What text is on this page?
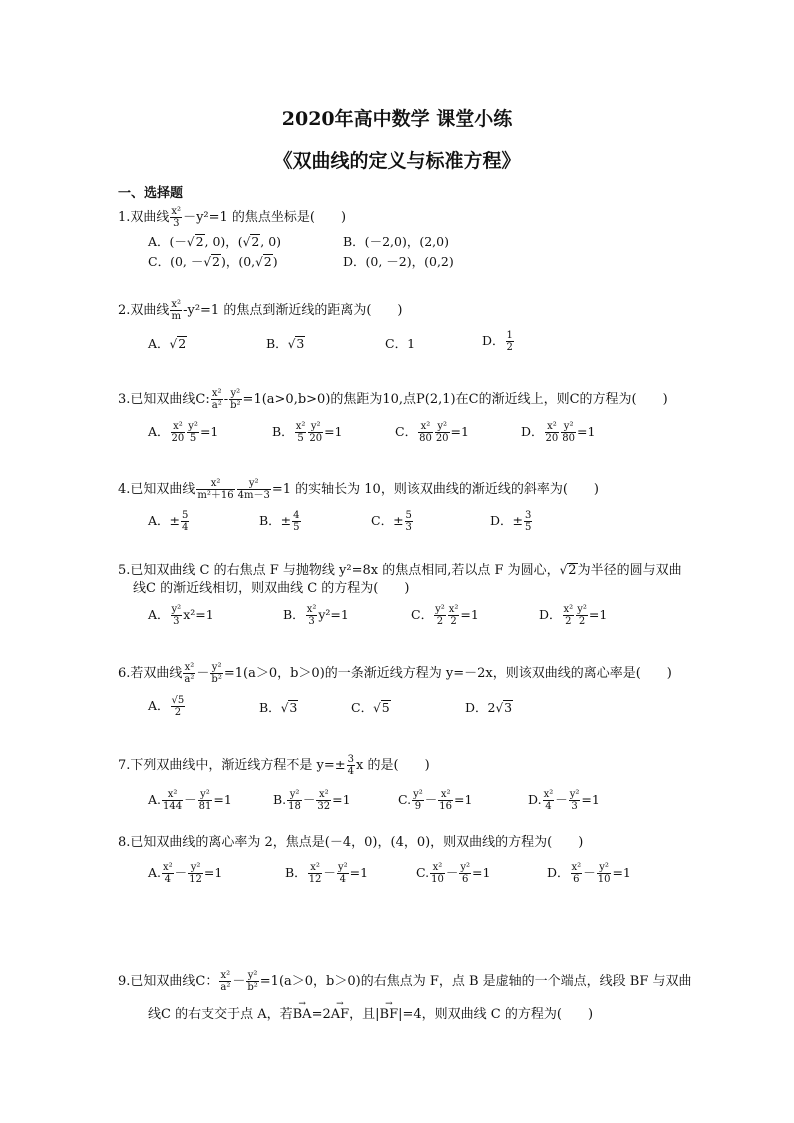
2020年高中数学 课堂小练
《双曲线的定义与标准方程》
一、选择题
1.双曲线 $\frac{\text{x²}}{3} -y^2=1$ 的焦点坐标是(　　)
A．(－√2, 0)，(√2, 0)	B．(－2,0)，(2,0)
C．(0, －√2)，(0,√2)	D．(0, －2)，(0,2)
2.双曲线 $\frac{\text{x²}}{m} -y^2=1$ 的焦点到渐近线的距离为(　　)
A．√2	B．√3	C．1	D． $\frac{1}{2}$
3.已知双曲线C: $\frac{\text{x²}}{\text{a²}} - \frac{\text{y²}}{\text{b²}} =1(a>0,b>0)$的焦距为10,点P(2,1)在C的渐近线上，则C的方程为(　　)
A． $\frac{\text{x²}}{20} \frac{\text{y²}}{5} =1$	B． $\frac{\text{x²}}{5} \frac{\text{y²}}{20} =1$	C． $\frac{\text{x²}}{80} \frac{\text{y²}}{20} =1$	D． $\frac{\text{x²}}{20} \frac{\text{y²}}{80} =1$
4.已知双曲线 $\frac{\text{x²}}{\text{m²＋16}} \frac{\text{y²}}{4m-3} =1$ 的实轴长为 10，则该双曲线的渐近线的斜率为(　　)
A．± $\frac{5}{4}$	B．± $\frac{4}{5}$	C．± $\frac{5}{3}$	D．± $\frac{3}{5}$
5.已知双曲线 C 的右焦点 F 与抛物线 y²=8x 的焦点相同,若以点 F 为圆心，√2为半径的圆与双曲
线C 的渐近线相切，则双曲线 C 的方程为(　　)
A． $\frac{\text{y²}}{3} x^2=1$	B． $\frac{\text{x²}}{3} y^2=1$	C． $\frac{\text{y²}}{2} \frac{\text{x²}}{2} =1$	D． $\frac{\text{x²}}{2} \frac{\text{y²}}{2} =1$
6.若双曲线 $\frac{\text{x²}}{\text{a²}} - \frac{\text{y²}}{\text{b²}} =1(a>0$，b＞0)的一条渐近线方程为 y=－2x，则该双曲线的离心率是(　　)
A． $\frac{√5}{2}$	B．√3	C．√5	D．2√3
7.下列双曲线中，渐近线方程不是 $y=\pm \frac{3}{4}$ x 的是(　　)
A. $\frac{\text{x²}}{144} - \frac{\text{y²}}{81} =1$	B. $\frac{\text{y²}}{18} - \frac{\text{x²}}{32} =1$	C. $\frac{\text{y²}}{9} - \frac{\text{x²}}{16} =1$	D. $\frac{\text{x²}}{4} - \frac{\text{y²}}{3} =1$
8.已知双曲线的离心率为 2，焦点是(－4，0)，(4，0)，则双曲线的方程为(　　)
A. $\frac{\text{x²}}{4} - \frac{\text{y²}}{12} =1$	B． $\frac{\text{x²}}{12} - \frac{\text{y²}}{4} =1$	C. $\frac{\text{x²}}{10} - \frac{\text{y²}}{6} =1$	D． $\frac{\text{x²}}{6} - \frac{\text{y²}}{10} =1$
9.已知双曲线C： $\frac{\text{x²}}{\text{a²}} - \frac{\text{y²}}{\text{b²}} =1(a>0$，b＞0)的右焦点为 F，点 B 是虚轴的一个端点，线段 BF 与双曲
线C 的右支交于点 A，若→ BA=2→ AF，且|→ BF|=4，则双曲线 C 的方程为(　　)
